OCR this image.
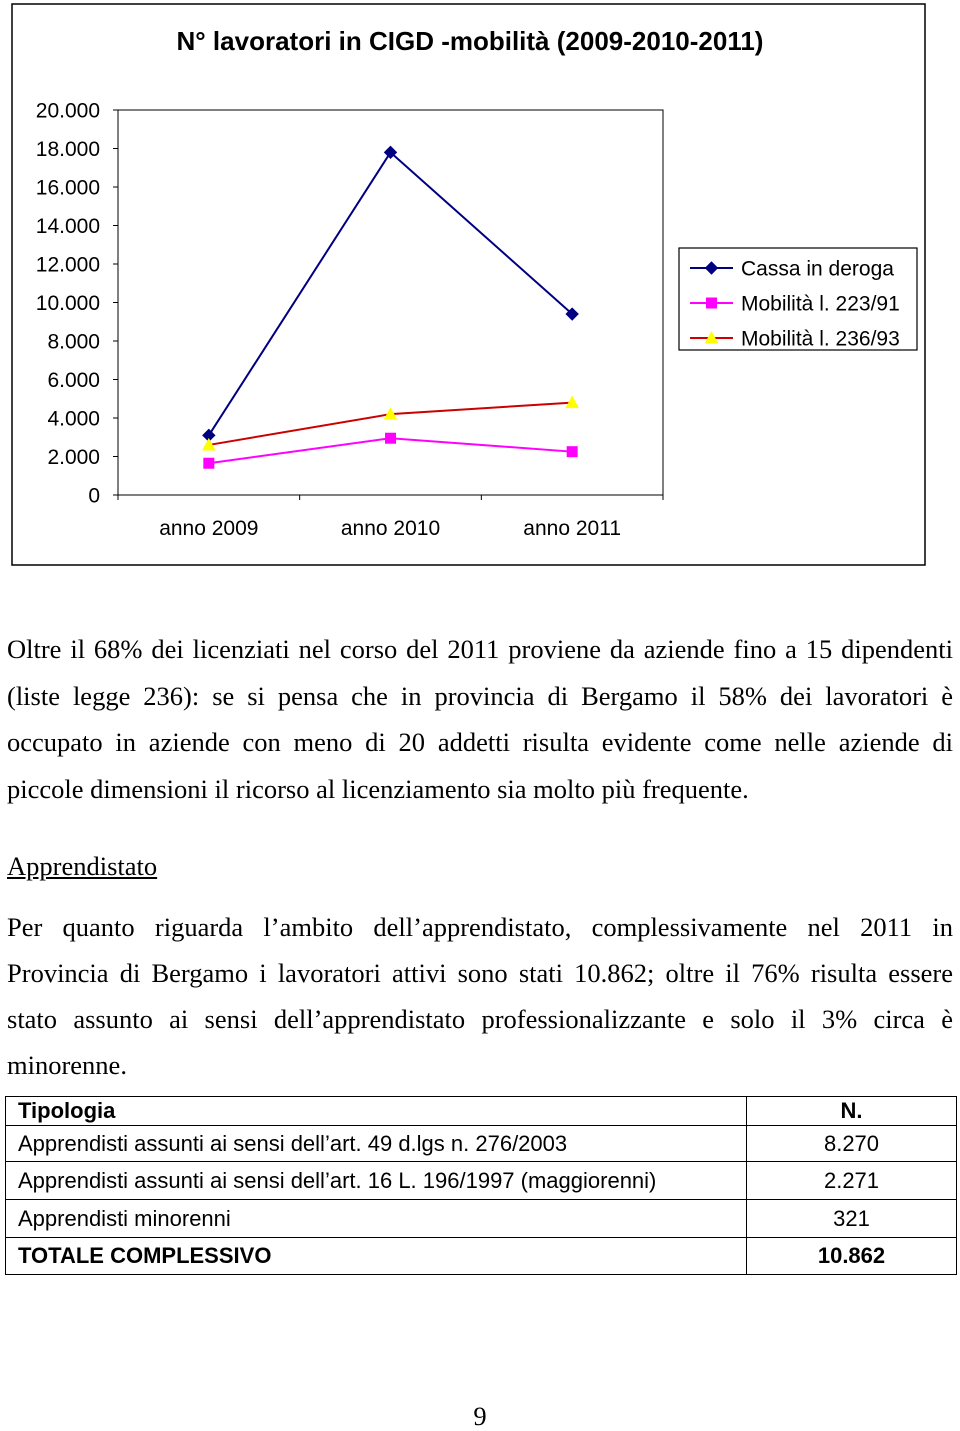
N° lavoratori in CIGD -mobilità (2009-2010-2011)
0
2.000
4.000
6.000
8.000
10.000
12.000
14.000
16.000
18.000
20.000
anno 2009	anno 2010	anno 2011
Cassa in deroga
Mobilità l. 223/91
Mobilità l. 236/93
Oltre il 68% dei licenziati nel corso del 2011 proviene da aziende fino a 15 dipendenti
(liste legge 236): se si pensa che in provincia di Bergamo il 58% dei lavoratori è
occupato in aziende con meno di 20 addetti risulta evidente come nelle aziende di
piccole dimensioni il ricorso al licenziamento sia molto più frequente.
Apprendistato
Per quanto riguarda l’ambito dell’apprendistato, complessivamente nel 2011 in
Provincia di Bergamo i lavoratori attivi sono stati 10.862; oltre il 76% risulta essere
stato assunto ai sensi dell’apprendistato professionalizzante e solo il 3% circa è
minorenne.
Tipologia	N.
Apprendisti assunti ai sensi dell’art. 49 d.lgs n. 276/2003	8.270
Apprendisti assunti ai sensi dell’art. 16 L. 196/1997 (maggiorenni)	2.271
Apprendisti minorenni	321
TOTALE COMPLESSIVO	10.862
9
